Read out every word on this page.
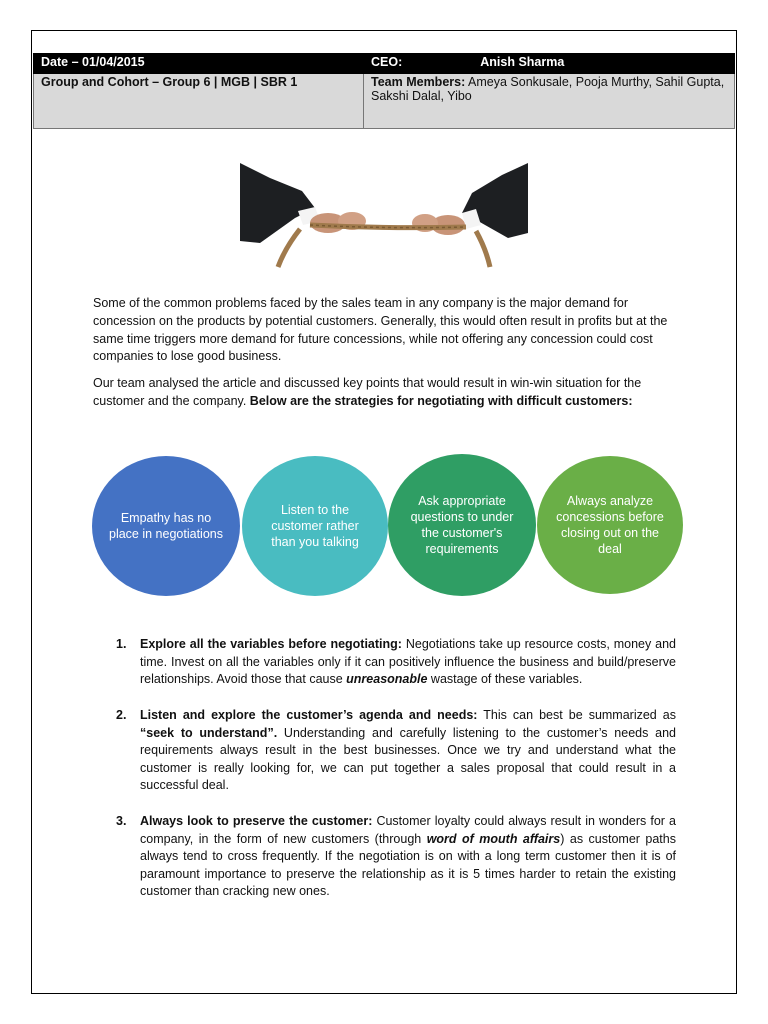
Date – 01/04/2015	CEO: Anish Sharma
Group and Cohort – Group 6 | MGB | SBR 1	Team Members: Ameya Sonkusale, Pooja Murthy, Sahil Gupta, Sakshi Dalal, Yibo

Some of the common problems faced by the sales team in any company is the major demand for concession on the products by potential customers. Generally, this would often result in profits but at the same time triggers more demand for future concessions, while not offering any concession could cost companies to lose good business.

Our team analysed the article and discussed key points that would result in win-win situation for the customer and the company. Below are the strategies for negotiating with difficult customers:

Empathy has no place in negotiations
Listen to the customer rather than you talking
Ask appropriate questions to under the customer's requirements
Always analyze concessions before closing out on the deal
1. Explore all the variables before negotiating: Negotiations take up resource costs, money and time. Invest on all the variables only if it can positively influence the business and build/preserve relationships. Avoid those that cause unreasonable wastage of these variables.

2. Listen and explore the customer’s agenda and needs: This can best be summarized as “seek to understand”. Understanding and carefully listening to the customer’s needs and requirements always result in the best businesses. Once we try and understand what the customer is really looking for, we can put together a sales proposal that could result in a successful deal.

3. Always look to preserve the customer: Customer loyalty could always result in wonders for a company, in the form of new customers (through word of mouth affairs) as customer paths always tend to cross frequently. If the negotiation is on with a long term customer then it is of paramount importance to preserve the relationship as it is 5 times harder to retain the existing customer than cracking new ones.
